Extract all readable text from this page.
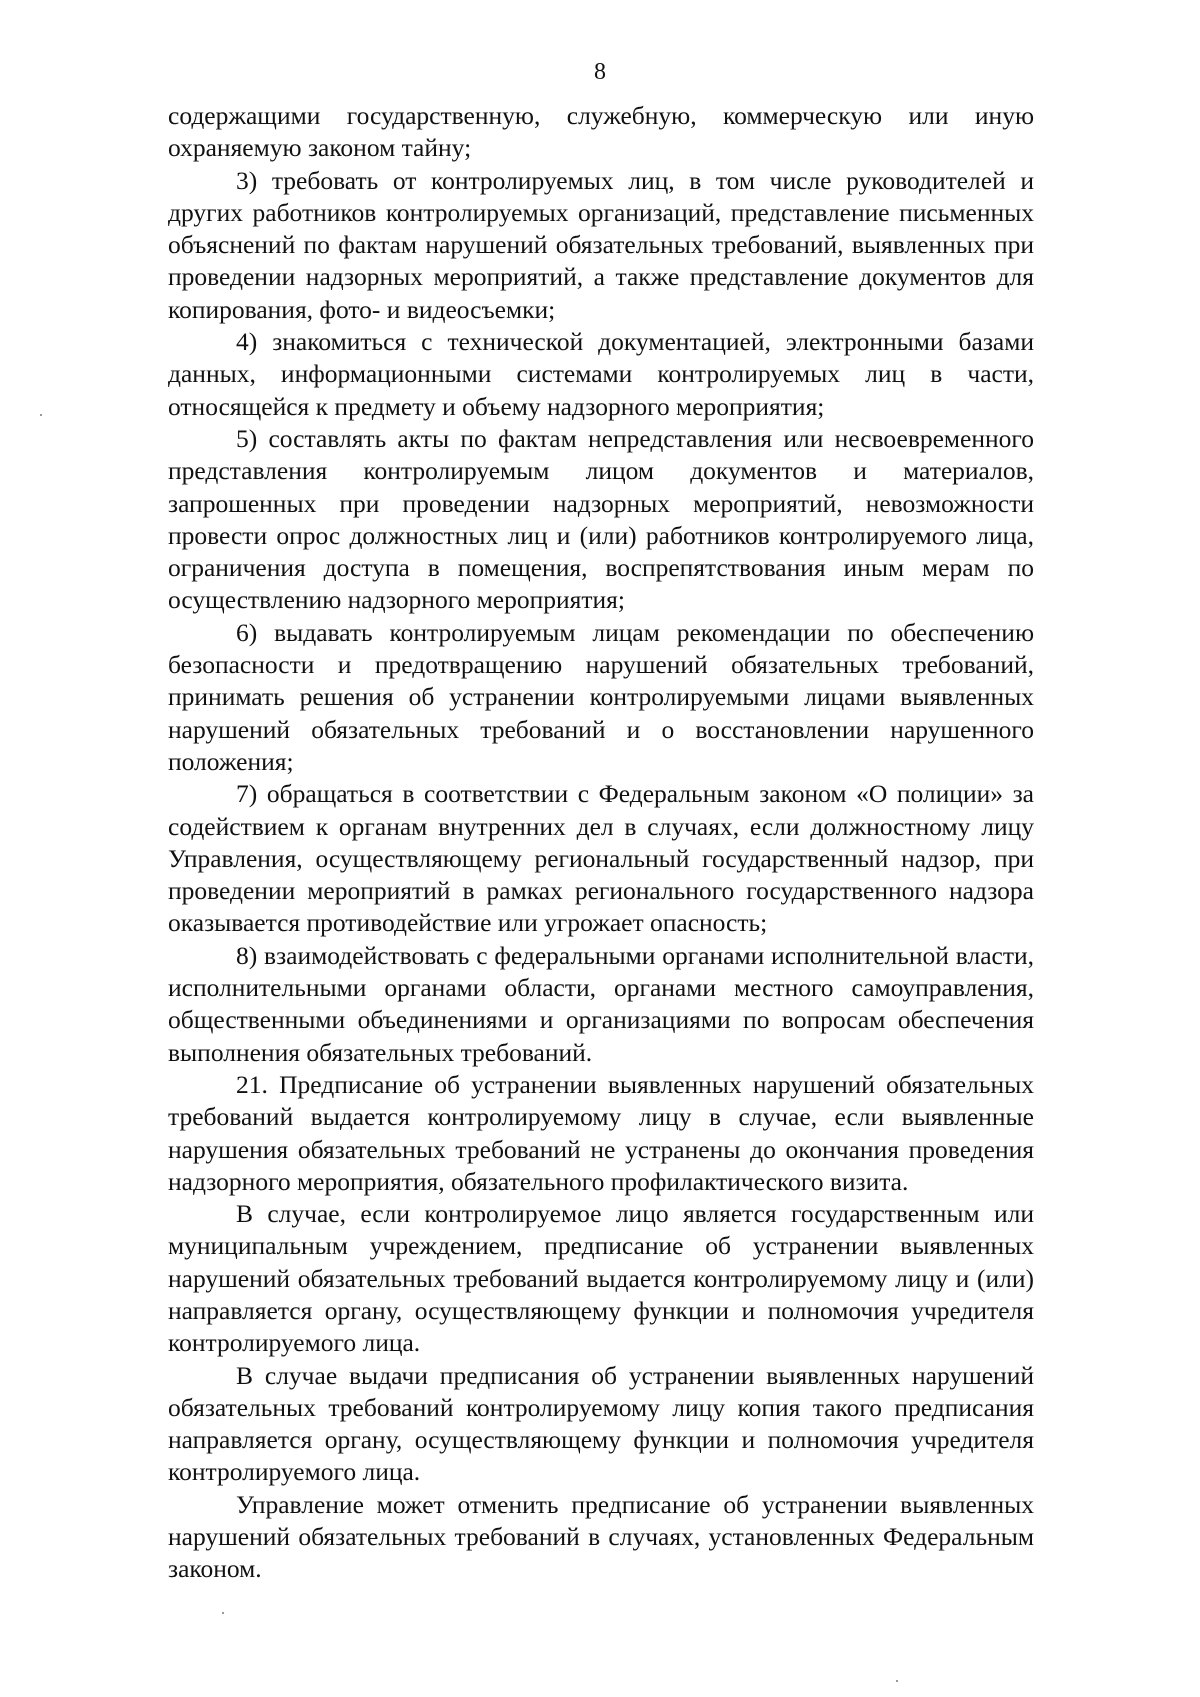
8

содержащими государственную, служебную, коммерческую или иную охраняемую законом тайну;

3) требовать от контролируемых лиц, в том числе руководителей и других работников контролируемых организаций, представление письменных объяснений по фактам нарушений обязательных требований, выявленных при проведении надзорных мероприятий, а также представление документов для копирования, фото- и видеосъемки;

4) знакомиться с технической документацией, электронными базами данных, информационными системами контролируемых лиц в части, относящейся к предмету и объему надзорного мероприятия;

5) составлять акты по фактам непредставления или несвоевременного представления контролируемым лицом документов и материалов, запрошенных при проведении надзорных мероприятий, невозможности провести опрос должностных лиц и (или) работников контролируемого лица, ограничения доступа в помещения, воспрепятствования иным мерам по осуществлению надзорного мероприятия;

6) выдавать контролируемым лицам рекомендации по обеспечению безопасности и предотвращению нарушений обязательных требований, принимать решения об устранении контролируемыми лицами выявленных нарушений обязательных требований и о восстановлении нарушенного положения;

7) обращаться в соответствии с Федеральным законом «О полиции» за содействием к органам внутренних дел в случаях, если должностному лицу Управления, осуществляющему региональный государственный надзор, при проведении мероприятий в рамках регионального государственного надзора оказывается противодействие или угрожает опасность;

8) взаимодействовать с федеральными органами исполнительной власти, исполнительными органами области, органами местного самоуправления, общественными объединениями и организациями по вопросам обеспечения выполнения обязательных требований.

21. Предписание об устранении выявленных нарушений обязательных требований выдается контролируемому лицу в случае, если выявленные нарушения обязательных требований не устранены до окончания проведения надзорного мероприятия, обязательного профилактического визита.

В случае, если контролируемое лицо является государственным или муниципальным учреждением, предписание об устранении выявленных нарушений обязательных требований выдается контролируемому лицу и (или) направляется органу, осуществляющему функции и полномочия учредителя контролируемого лица.

В случае выдачи предписания об устранении выявленных нарушений обязательных требований контролируемому лицу копия такого предписания направляется органу, осуществляющему функции и полномочия учредителя контролируемого лица.

Управление может отменить предписание об устранении выявленных нарушений обязательных требований в случаях, установленных Федеральным законом.
